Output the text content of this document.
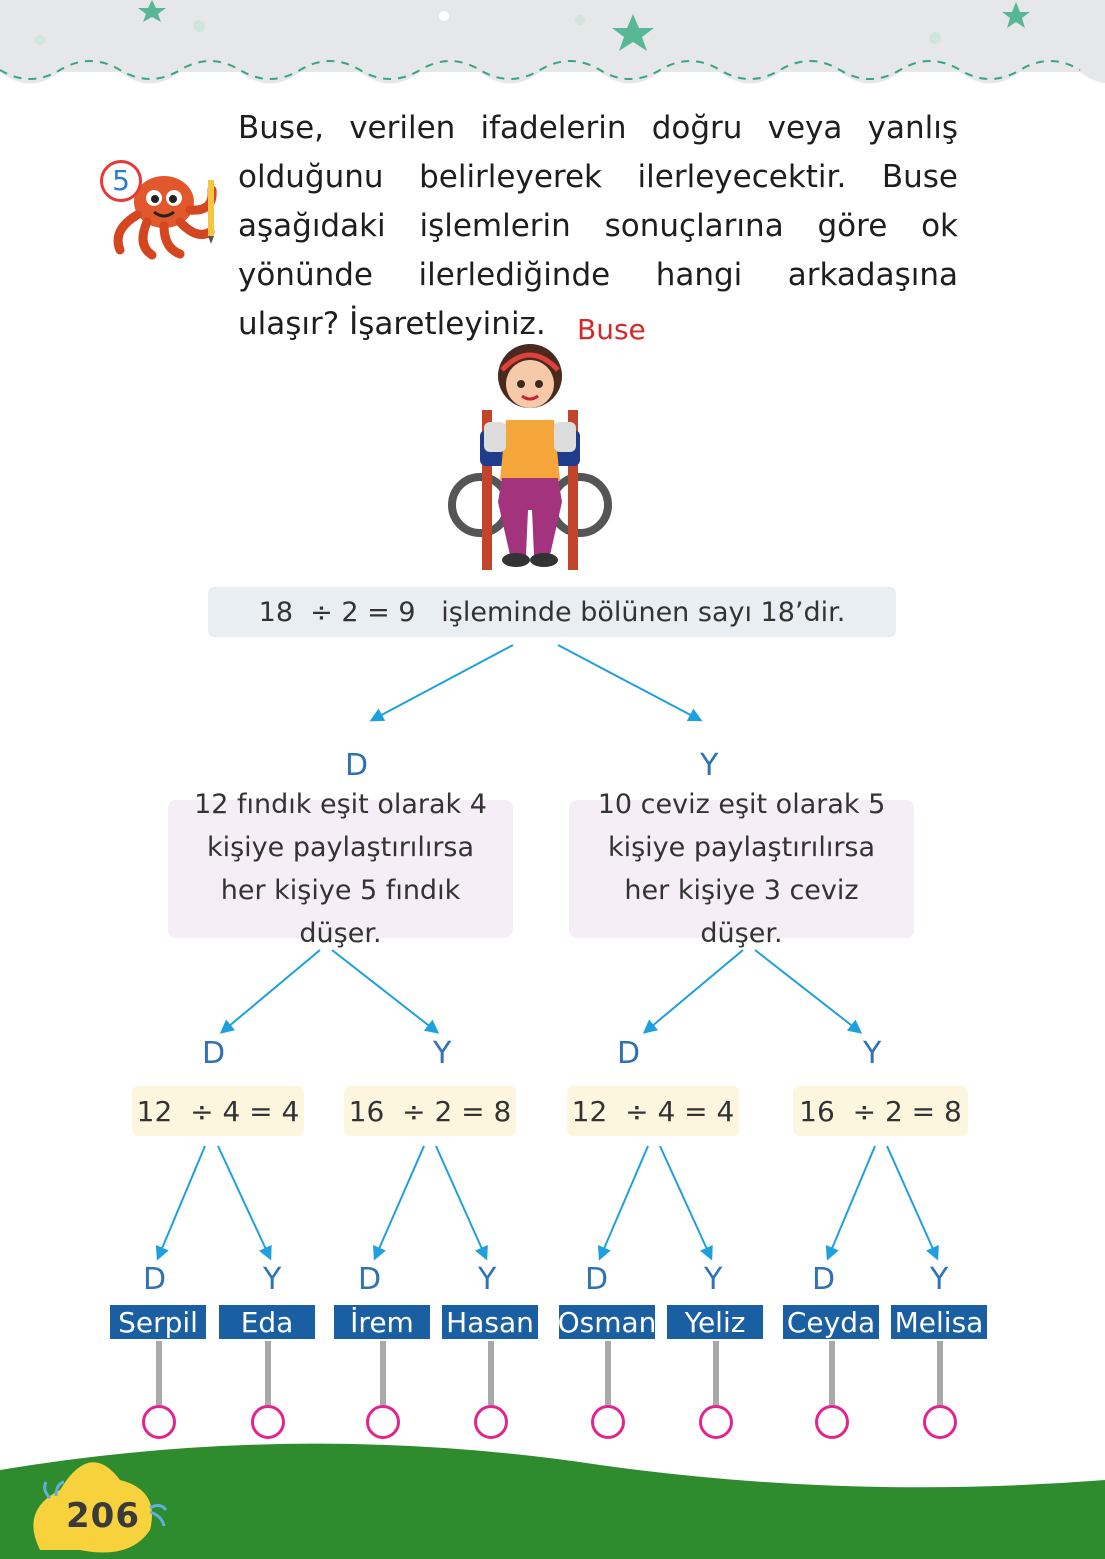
5
Buse, verilen ifadelerin doğru veya yanlış olduğunu belirleyerek ilerleyecektir. Buse aşağıdaki işlemlerin sonuçlarına göre ok yönünde ilerlediğinde hangi arkadaşına ulaşır? İşaretleyiniz.	Buse
18  ÷ 2 = 9   işleminde bölünen sayı 18’dir.
D	Y
12 fındık eşit olarak 4 kişiye paylaştırılırsa her kişiye 5 fındık düşer.
10 ceviz eşit olarak 5 kişiye paylaştırılırsa her kişiye 3 ceviz düşer.
D	Y	D	Y
12  ÷ 4 = 4 16  ÷ 2 = 8 12  ÷ 4 = 4 16  ÷ 2 = 8
D	Y	D	Y	D	Y	D	Y
Serpil	Eda	İrem	Hasan Osman	Yeliz	Ceyda Melisa
206
